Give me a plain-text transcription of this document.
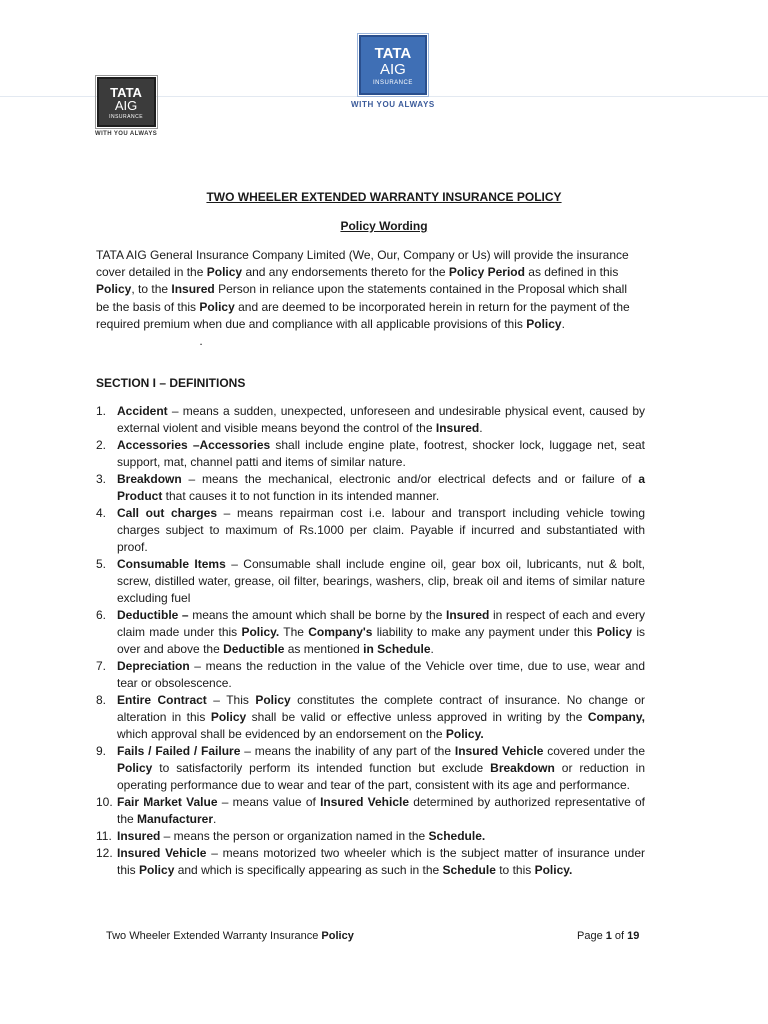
TATA
AIG
INSURANCE
WITH YOU ALWAYS
TATA
AIG
INSURANCE
WITH YOU ALWAYS
TWO WHEELER EXTENDED WARRANTY INSURANCE POLICY
Policy Wording

TATA AIG General Insurance Company Limited (We, Our, Company or Us) will provide the insurance cover detailed in the Policy and any endorsements thereto for the Policy Period as defined in this Policy, to the Insured Person in reliance upon the statements contained in the Proposal which shall be the basis of this Policy and are deemed to be incorporated herein in return for the payment of the required premium when due and compliance with all applicable provisions of this Policy.                                .

SECTION I – DEFINITIONS
1. Accident – means a sudden, unexpected, unforeseen and undesirable physical event, caused by external violent and visible means beyond the control of the Insured.
2. Accessories –Accessories shall include engine plate, footrest, shocker lock, luggage net, seat support, mat, channel patti and items of similar nature.
3. Breakdown – means the mechanical, electronic and/or electrical defects and or failure of a Product that causes it to not function in its intended manner.
4. Call out charges – means repairman cost i.e. labour and transport including vehicle towing charges subject to maximum of Rs.1000 per claim. Payable if incurred and substantiated with proof.
5. Consumable Items – Consumable shall include engine oil, gear box oil, lubricants, nut & bolt, screw, distilled water, grease, oil filter, bearings, washers, clip, break oil and items of similar nature excluding fuel
6. Deductible – means the amount which shall be borne by the Insured in respect of each and every claim made under this Policy. The Company's liability to make any payment under this Policy is over and above the Deductible as mentioned in Schedule.
7. Depreciation – means the reduction in the value of the Vehicle over time, due to use, wear and tear or obsolescence.
8. Entire Contract – This Policy constitutes the complete contract of insurance. No change or alteration in this Policy shall be valid or effective unless approved in writing by the Company, which approval shall be evidenced by an endorsement on the Policy.
9. Fails / Failed / Failure – means the inability of any part of the Insured Vehicle covered under the Policy to satisfactorily perform its intended function but exclude Breakdown or reduction in operating performance due to wear and tear of the part, consistent with its age and performance.
10. Fair Market Value – means value of Insured Vehicle determined by authorized representative of the Manufacturer.
11. Insured – means the person or organization named in the Schedule.
12. Insured Vehicle – means motorized two wheeler which is the subject matter of insurance under this Policy and which is specifically appearing as such in the Schedule to this Policy.
Two Wheeler Extended Warranty Insurance Policy	Page 1 of 19
